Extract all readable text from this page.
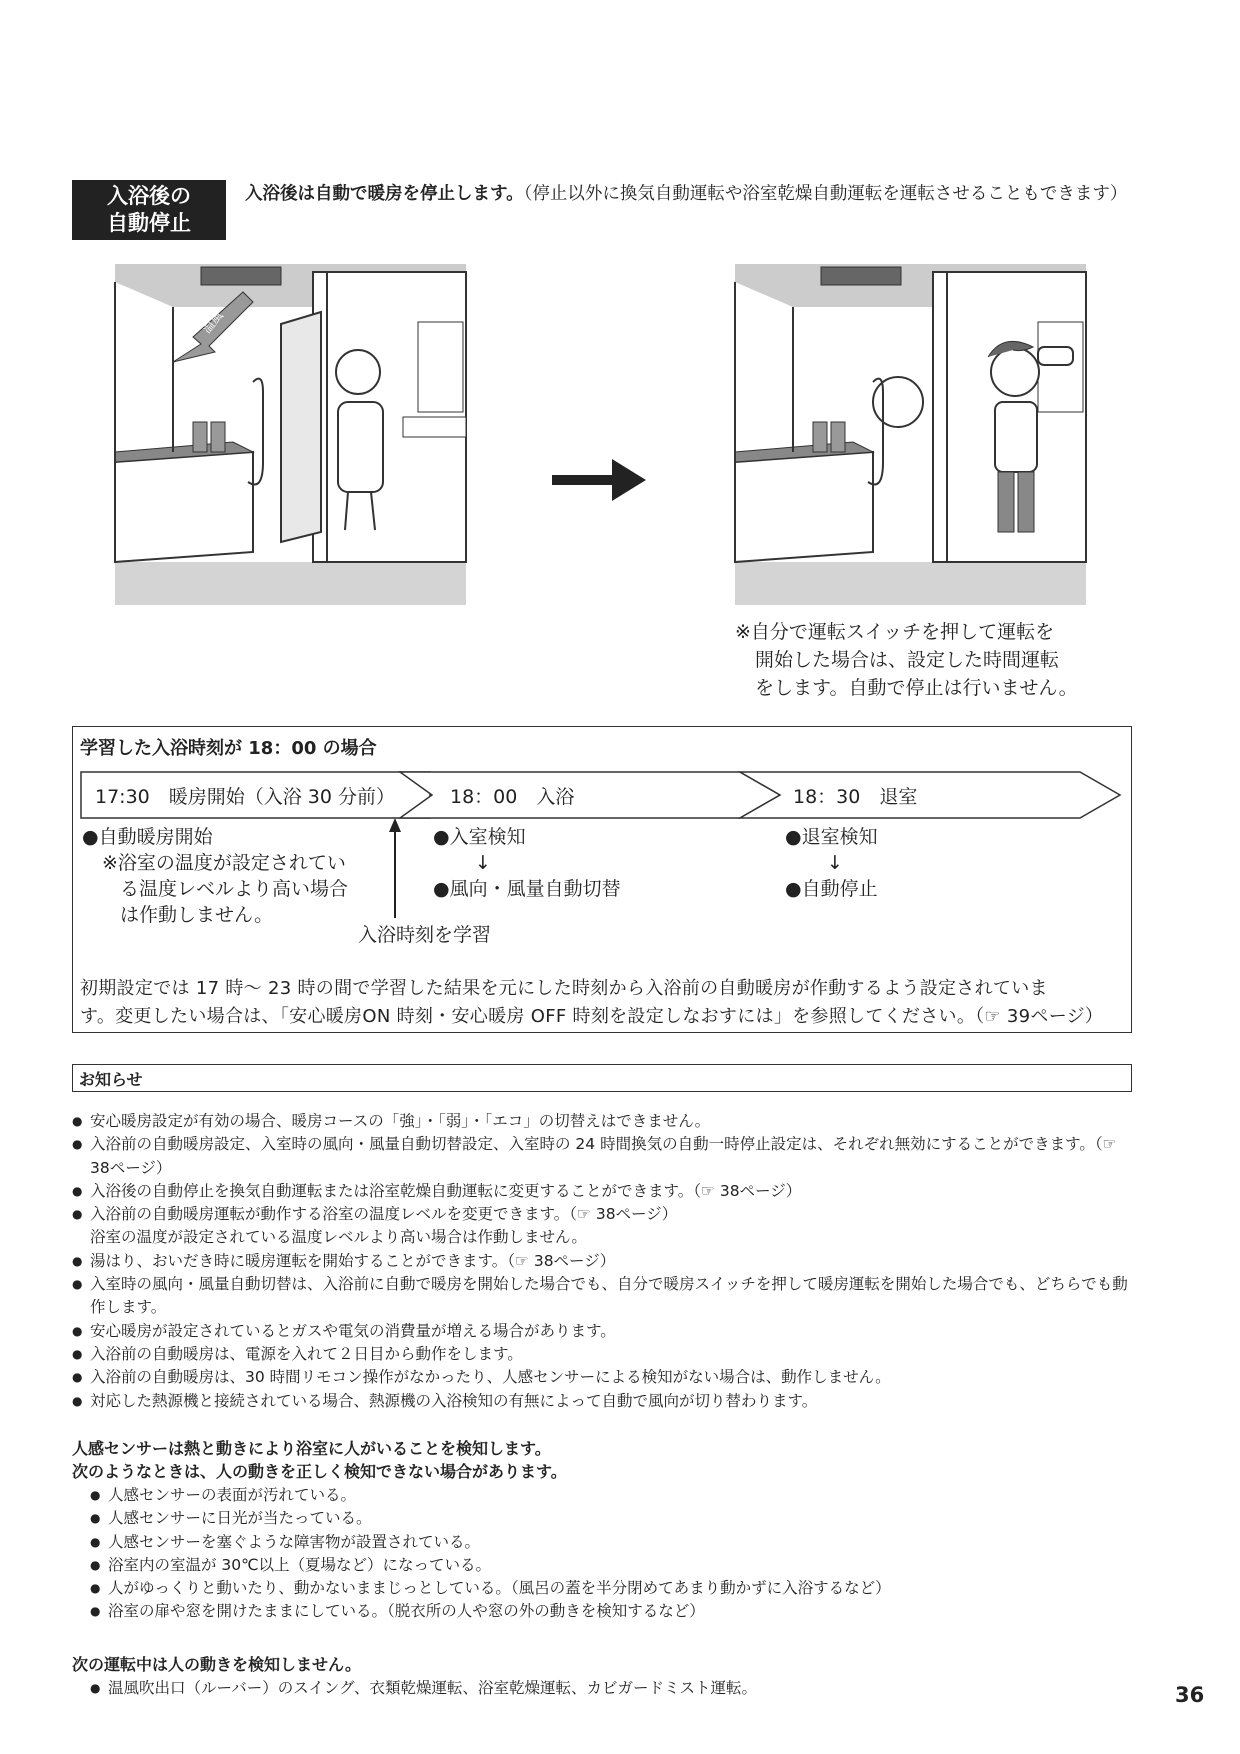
入浴後の
自動停止
入浴後は自動で暖房を停止します。（停止以外に換気自動運転や浴室乾燥自動運転を運転させることもできます）
温風
※自分で運転スイッチを押して運転を
開始した場合は、設定した時間運転
をします。自動で停止は行いません。
学習した入浴時刻が 18：00 の場合
17:30　暖房開始（入浴 30 分前）	18：00　入浴	18：30　退室
●自動暖房開始
※浴室の温度が設定されてい
る温度レベルより高い場合
は作動しません。
入浴時刻を学習
●入室検知
↓
●風向・風量自動切替
●退室検知
↓
●自動停止
初期設定では 17 時～ 23 時の間で学習した結果を元にした時刻から入浴前の自動暖房が作動するよう設定されていま
す。変更したい場合は、「安心暖房ON 時刻・安心暖房 OFF 時刻を設定しなおすには」を参照してください。（☞ 39ページ）
お知らせ
● 安心暖房設定が有効の場合、暖房コースの「強」・「弱」・「エコ」の切替えはできません。
● 入浴前の自動暖房設定、入室時の風向・風量自動切替設定、入室時の 24 時間換気の自動一時停止設定は、それぞれ無効にすることができます。（☞ 38ページ）
● 入浴後の自動停止を換気自動運転または浴室乾燥自動運転に変更することができます。（☞ 38ページ）
● 入浴前の自動暖房運転が動作する浴室の温度レベルを変更できます。（☞ 38ページ）
浴室の温度が設定されている温度レベルより高い場合は作動しません。
● 湯はり、おいだき時に暖房運転を開始することができます。（☞ 38ページ）
● 入室時の風向・風量自動切替は、入浴前に自動で暖房を開始した場合でも、自分で暖房スイッチを押して暖房運転を開始した場合でも、どちらでも動作します。
● 安心暖房が設定されているとガスや電気の消費量が増える場合があります。
● 入浴前の自動暖房は、電源を入れて２日目から動作をします。
● 入浴前の自動暖房は、30 時間リモコン操作がなかったり、人感センサーによる検知がない場合は、動作しません。
● 対応した熱源機と接続されている場合、熱源機の入浴検知の有無によって自動で風向が切り替わります。
人感センサーは熱と動きにより浴室に人がいることを検知します。
次のようなときは、人の動きを正しく検知できない場合があります。
● 人感センサーの表面が汚れている。
● 人感センサーに日光が当たっている。
● 人感センサーを塞ぐような障害物が設置されている。
● 浴室内の室温が 30℃以上（夏場など）になっている。
● 人がゆっくりと動いたり、動かないままじっとしている。（風呂の蓋を半分閉めてあまり動かずに入浴するなど）
● 浴室の扉や窓を開けたままにしている。（脱衣所の人や窓の外の動きを検知するなど）
次の運転中は人の動きを検知しません。
● 温風吹出口（ルーバー）のスイング、衣類乾燥運転、浴室乾燥運転、カビガードミスト運転。	36
